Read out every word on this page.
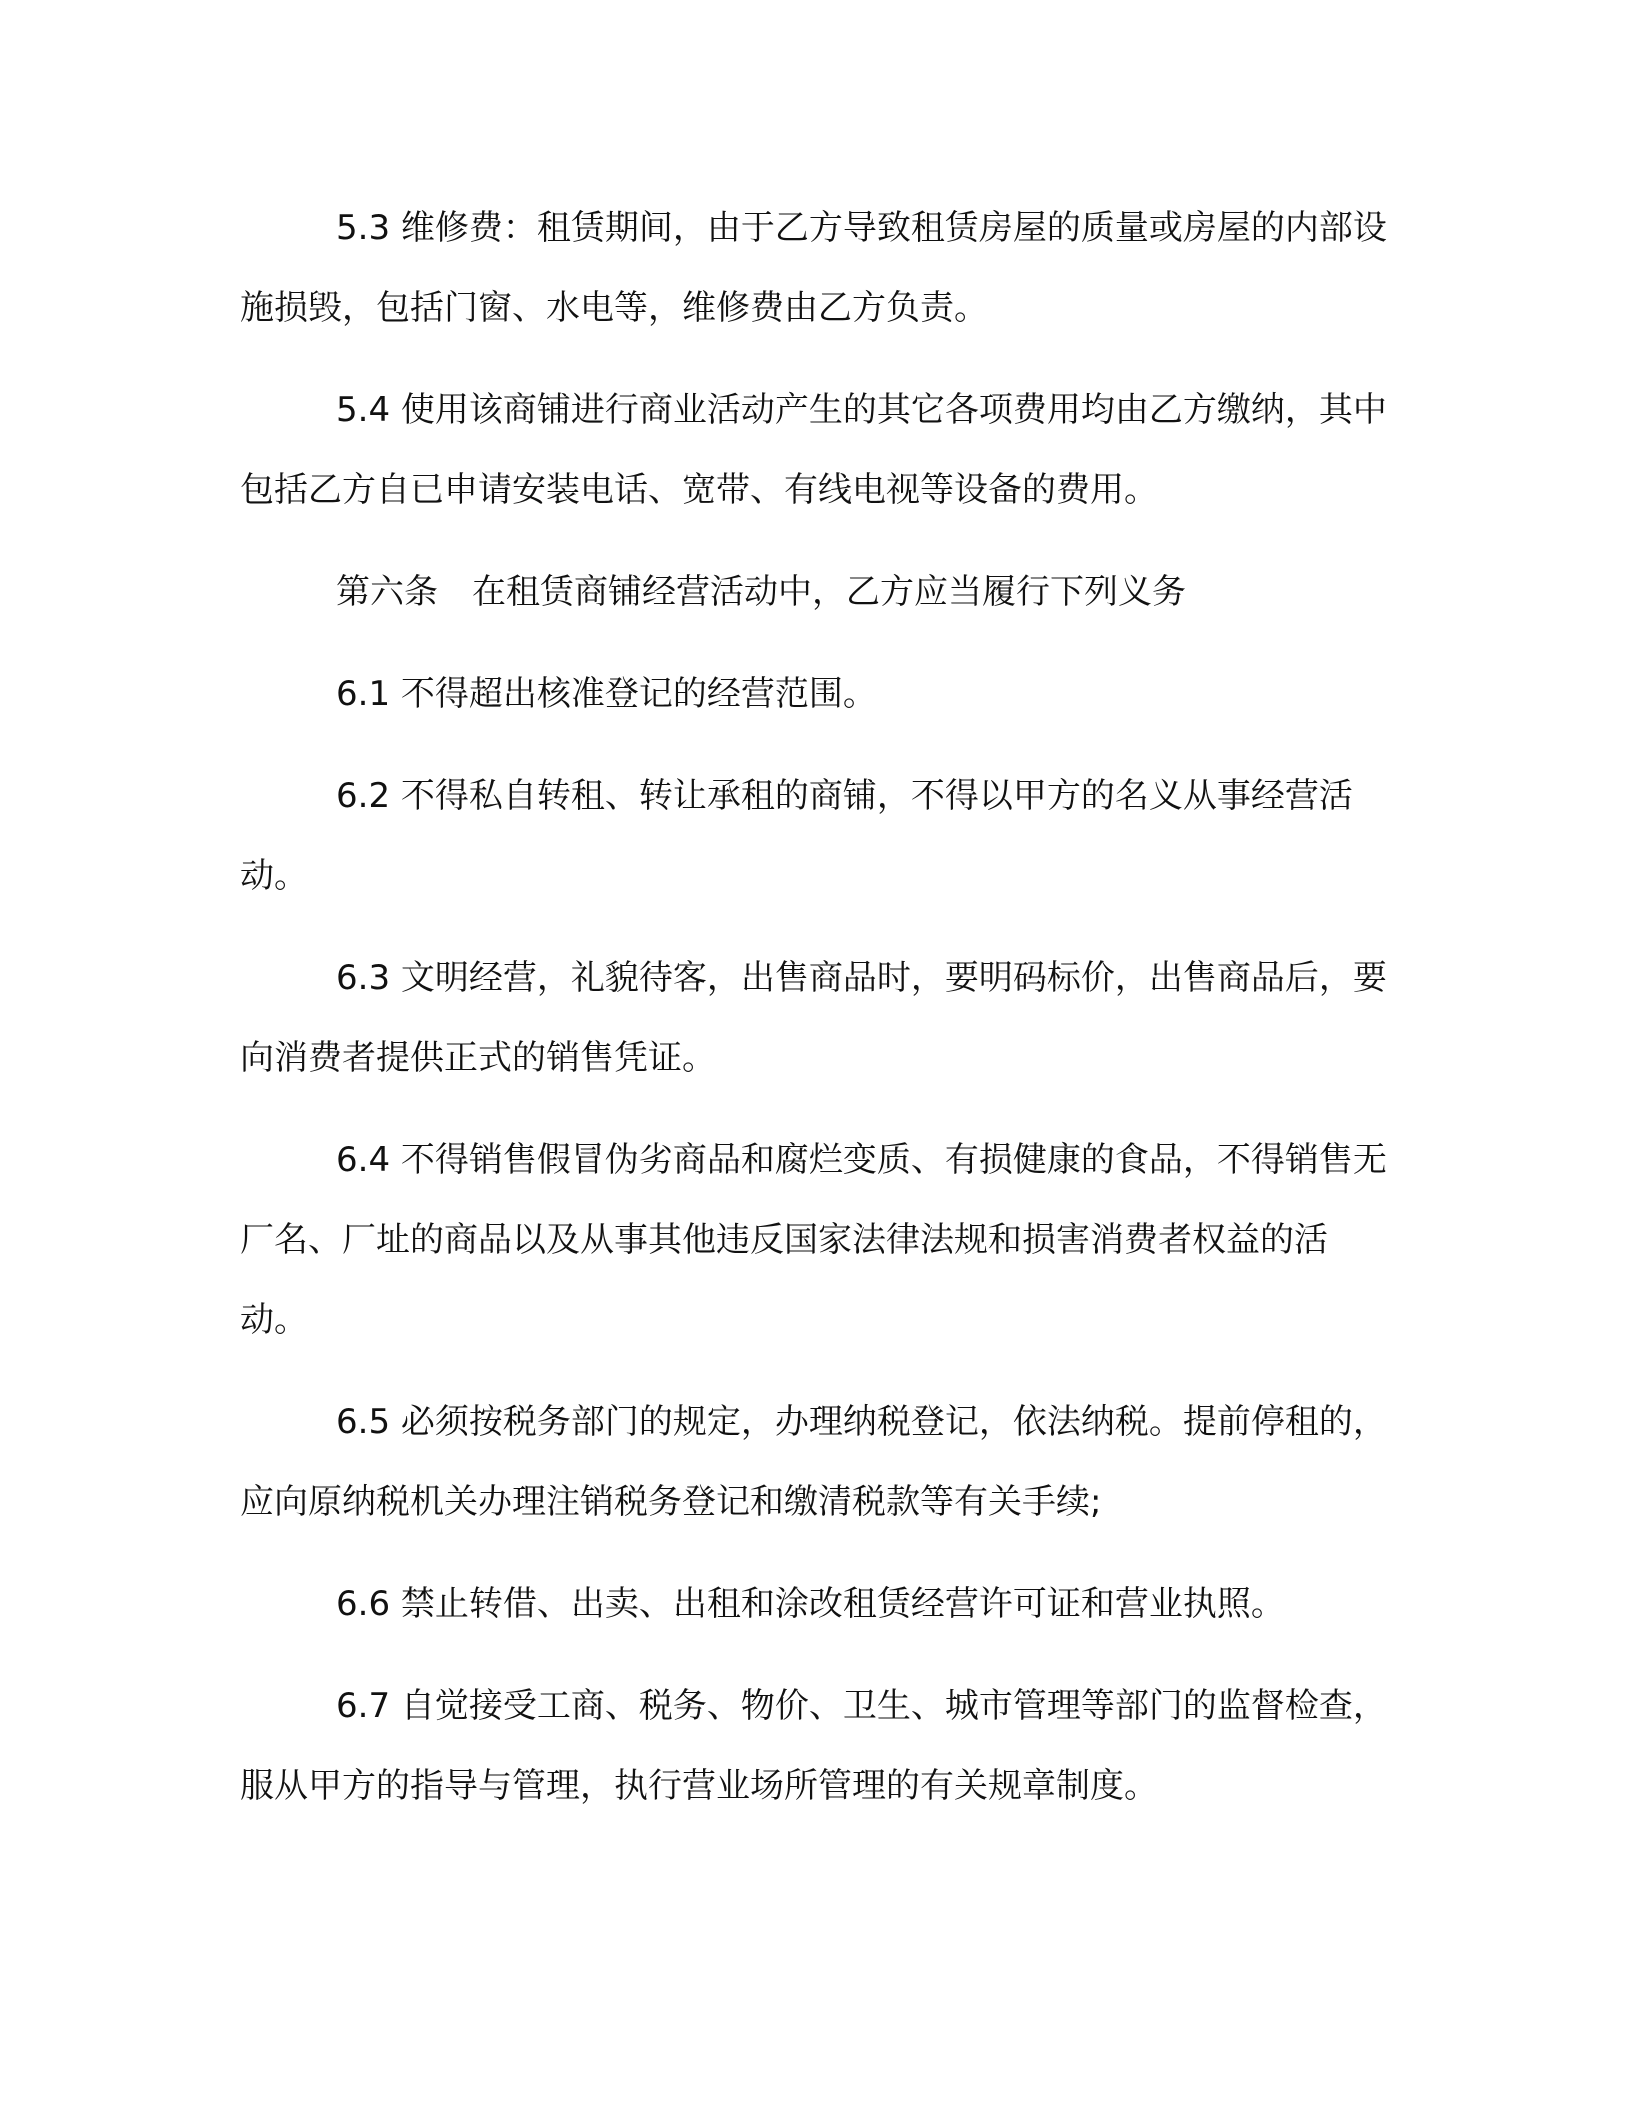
5.3 维修费：租赁期间，由于乙方导致租赁房屋的质量或房屋的内部设施损毁，包括门窗、水电等，维修费由乙方负责。

5.4 使用该商铺进行商业活动产生的其它各项费用均由乙方缴纳，其中包括乙方自已申请安装电话、宽带、有线电视等设备的费用。

第六条　在租赁商铺经营活动中，乙方应当履行下列义务

6.1 不得超出核准登记的经营范围。

6.2 不得私自转租、转让承租的商铺，不得以甲方的名义从事经营活动。

6.3 文明经营，礼貌待客，出售商品时，要明码标价，出售商品后，要向消费者提供正式的销售凭证。

6.4 不得销售假冒伪劣商品和腐烂变质、有损健康的食品，不得销售无厂名、厂址的商品以及从事其他违反国家法律法规和损害消费者权益的活动。

6.5 必须按税务部门的规定，办理纳税登记，依法纳税。提前停租的，应向原纳税机关办理注销税务登记和缴清税款等有关手续;

6.6 禁止转借、出卖、出租和涂改租赁经营许可证和营业执照。

6.7 自觉接受工商、税务、物价、卫生、城市管理等部门的监督检查，服从甲方的指导与管理，执行营业场所管理的有关规章制度。
